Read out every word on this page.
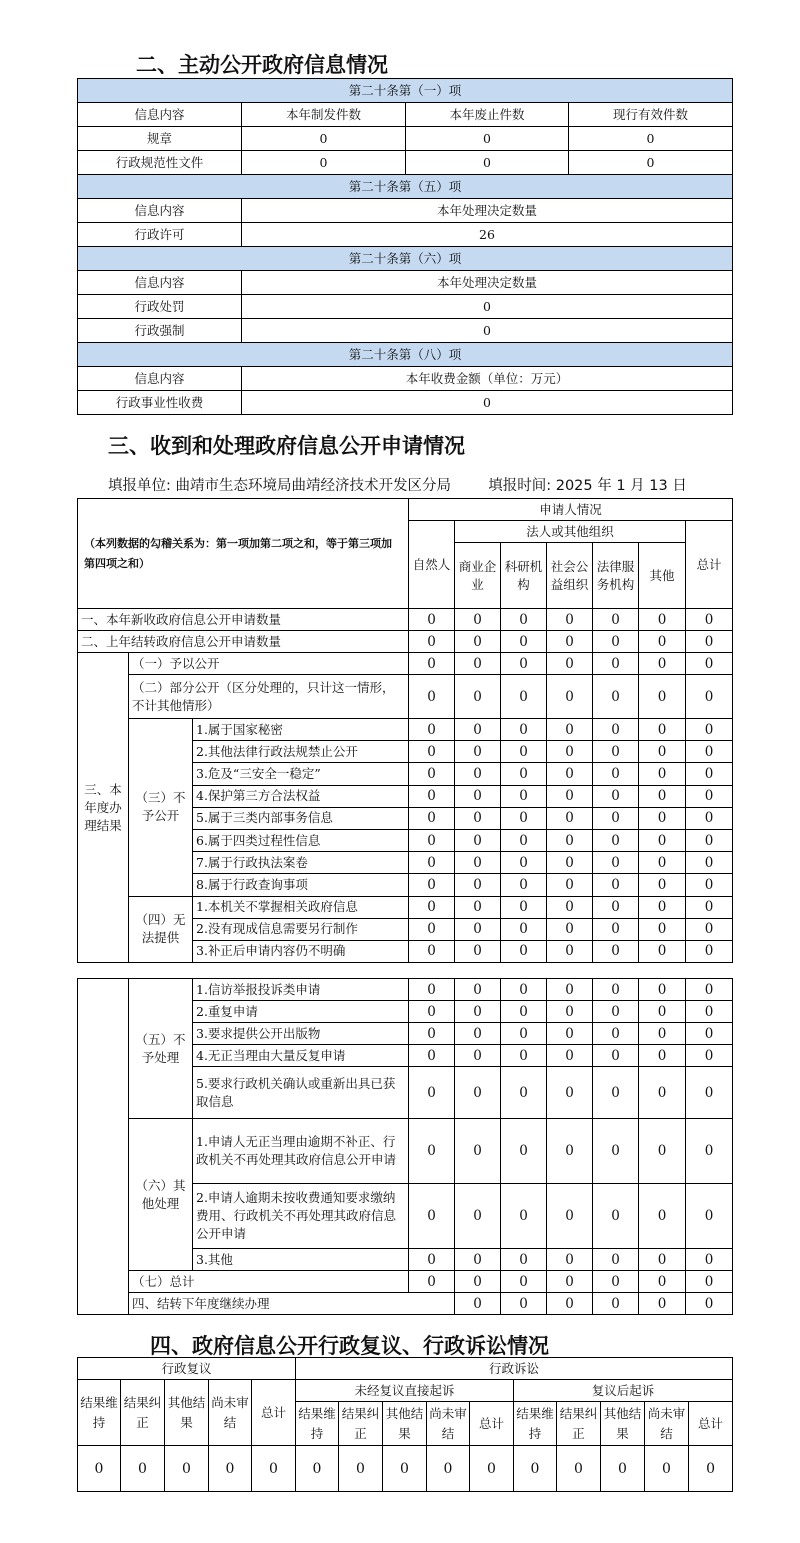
二、主动公开政府信息情况
第二十条第（一）项			
信息内容	本年制发件数	本年废止件数	现行有效件数
规章	0	0	0
行政规范性文件	0	0	0
第二十条第（五）项			
信息内容	本年处理决定数量		
行政许可	26		
第二十条第（六）项			
信息内容	本年处理决定数量		
行政处罚	0		
行政强制	0		
第二十条第（八）项			
信息内容	本年收费金额（单位：万元）		
行政事业性收费	0		
三、收到和处理政府信息公开申请情况
填报单位: 曲靖市生态环境局曲靖经济技术开发区分局	填报时间: 2025 年 1 月 13 日
（本列数据的勾稽关系为：第一项加第二项之和，等于第三项加第四项之和）			申请人情况						
			自然人	法人或其他组织					总计
				商业企业	科研机构	社会公益组织	法律服务机构	其他	
一、本年新收政府信息公开申请数量			0	0	0	0	0	0	0
二、上年结转政府信息公开申请数量			0	0	0	0	0	0	0
三、本年度办理结果	（一）予以公开		0	0	0	0	0	0	0
	（二）部分公开（区分处理的，只计这一情形，不计其他情形）		0	0	0	0	0	0	0
	（三）不予公开	1.属于国家秘密	0	0	0	0	0	0	0
		2.其他法律行政法规禁止公开	0	0	0	0	0	0	0
		3.危及“三安全一稳定”	0	0	0	0	0	0	0
		4.保护第三方合法权益	0	0	0	0	0	0	0
		5.属于三类内部事务信息	0	0	0	0	0	0	0
		6.属于四类过程性信息	0	0	0	0	0	0	0
		7.属于行政执法案卷	0	0	0	0	0	0	0
		8.属于行政查询事项	0	0	0	0	0	0	0
	（四）无法提供	1.本机关不掌握相关政府信息	0	0	0	0	0	0	0
		2.没有现成信息需要另行制作	0	0	0	0	0	0	0
		3.补正后申请内容仍不明确	0	0	0	0	0	0	0
	（五）不予处理	1.信访举报投诉类申请	0	0	0	0	0	0	0	
		2.重复申请	0	0	0	0	0	0	0	
		3.要求提供公开出版物	0	0	0	0	0	0	0	
		4.无正当理由大量反复申请	0	0	0	0	0	0	0	
		5.要求行政机关确认或重新出具已获取信息	0	0	0	0	0	0	0	
	（六）其他处理	1.申请人无正当理由逾期不补正、行政机关不再处理其政府信息公开申请	0	0	0	0	0	0	0	
		2.申请人逾期未按收费通知要求缴纳费用、行政机关不再处理其政府信息公开申请	0	0	0	0	0	0	0	
		3.其他	0	0	0	0	0	0	0	
	（七）总计		0	0	0	0	0	0	0	
	四、结转下年度继续办理			0	0	0	0	0	0	
四、政府信息公开行政复议、行政诉讼情况
行政复议					行政诉讼									
结果维持	结果纠正	其他结果	尚未审结	总计	未经复议直接起诉					复议后起诉				
					结果维持	结果纠正	其他结果	尚未审结	总计	结果维持	结果纠正	其他结果	尚未审结	总计
0	0	0	0	0	0	0	0	0	0	0	0	0	0	0
